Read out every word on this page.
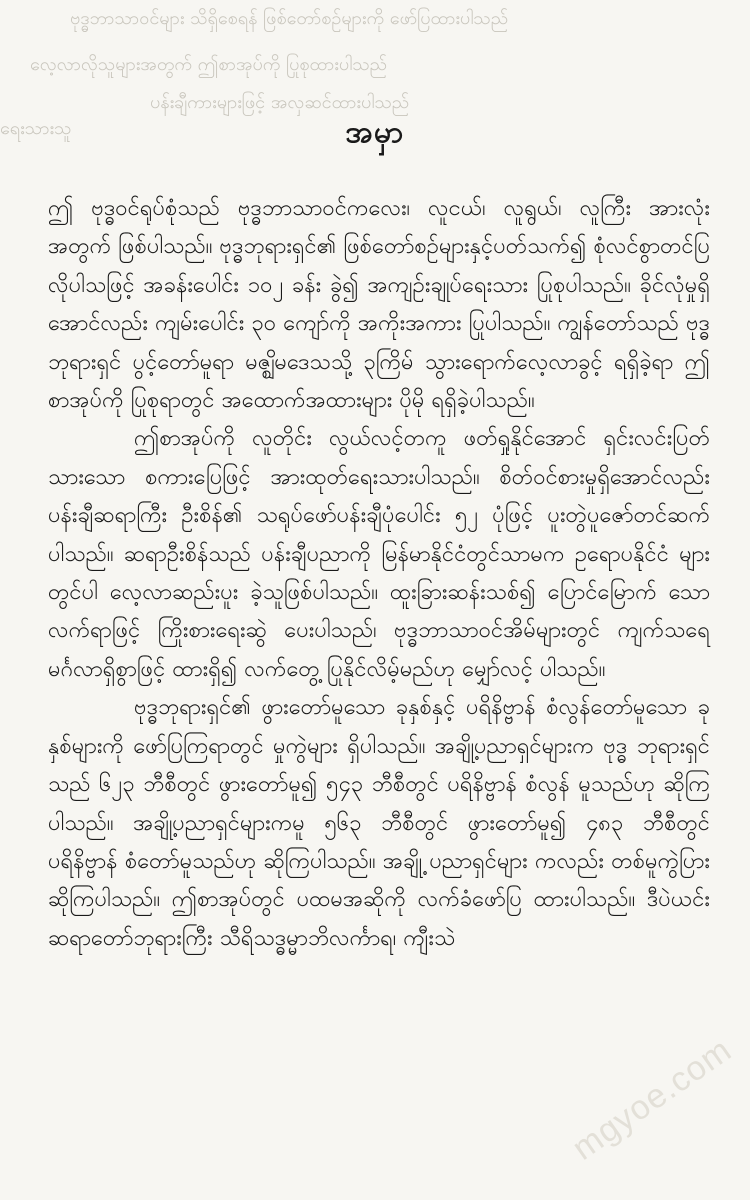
ဗုဒ္ဓဘာသာဝင်များ သိရှိစေရန် ဖြစ်တော်စဉ်များကို ဖော်ပြထားပါသည်
လေ့လာလိုသူများအတွက် ဤစာအုပ်ကို ပြုစုထားပါသည်
ပန်းချီကားများဖြင့် အလှဆင်ထားပါသည်
ရေးသားသူ	အမှာ

ဤ ဗုဒ္ဓဝင်ရုပ်စုံသည် ဗုဒ္ဓဘာသာဝင်ကလေး၊ လူငယ်၊ လူရွယ်၊ လူကြီး အားလုံး အတွက် ဖြစ်ပါသည်။ ဗုဒ္ဓဘုရားရှင်၏ ဖြစ်တော်စဉ်များနှင့်ပတ်သက်၍ စုံလင်စွာတင်ပြလိုပါသဖြင့် အခန်းပေါင်း ၁၀၂ ခန်း ခွဲ၍ အကျဉ်းချုပ်ရေးသား ပြုစုပါသည်။ ခိုင်လုံမှုရှိအောင်လည်း ကျမ်းပေါင်း ၃၀ ကျော်ကို အကိုးအကား ပြုပါသည်။ ကျွန်တော်သည် ဗုဒ္ဓဘုရားရှင် ပွင့်တော်မူရာ မဇ္ဈိမဒေသသို့ ၃ကြိမ် သွားရောက်လေ့လာခွင့် ရရှိခဲ့ရာ ဤစာအုပ်ကို ပြုစုရာတွင် အထောက်အထားများ ပိုမို ရရှိခဲ့ပါသည်။

ဤစာအုပ်ကို လူတိုင်း လွယ်လင့်တကူ ဖတ်ရှုနိုင်အောင် ရှင်းလင်းပြတ် သားသော စကားပြေဖြင့် အားထုတ်ရေးသားပါသည်။ စိတ်ဝင်စားမှုရှိအောင်လည်း ပန်းချီဆရာကြီး ဦးစိန်၏ သရုပ်ဖော်ပန်းချီပုံပေါင်း ၅၂ ပုံဖြင့် ပူးတွဲပူဇော်တင်ဆက် ပါသည်။ ဆရာဦးစိန်သည် ပန်းချီပညာကို မြန်မာနိုင်ငံတွင်သာမက ဥရောပနိုင်ငံ များတွင်ပါ လေ့လာဆည်းပူး ခဲ့သူဖြစ်ပါသည်။ ထူးခြားဆန်းသစ်၍ ပြောင်မြောက် သော လက်ရာဖြင့် ကြိုးစားရေးဆွဲ ပေးပါသည်၊ ဗုဒ္ဓဘာသာဝင်အိမ်များတွင် ကျက်သရေမင်္ဂလာရှိစွာဖြင့် ထားရှိ၍ လက်တွေ့ ပြုနိုင်လိမ့်မည်ဟု မျှော်လင့် ပါသည်။

ဗုဒ္ဓဘုရားရှင်၏ ဖွားတော်မူသော ခုနှစ်နှင့် ပရိနိဗ္ဗာန် စံလွန်တော်မူသော ခုနှစ်များကို ဖော်ပြကြရာတွင် မှုကွဲများ ရှိပါသည်။ အချို့ပညာရှင်များက ဗုဒ္ဓ ဘုရားရှင်သည် ၆၂၃ ဘီစီတွင် ဖွားတော်မူ၍ ၅၄၃ ဘီစီတွင် ပရိနိဗ္ဗာန် စံလွန် မူသည်ဟု ဆိုကြပါသည်။ အချို့ပညာရှင်များကမူ ၅၆၃ ဘီစီတွင် ဖွားတော်မူ၍ ၄၈၃ ဘီစီတွင် ပရိနိဗ္ဗာန် စံတော်မူသည်ဟု ဆိုကြပါသည်။ အချို့ ပညာရှင်များ ကလည်း တစ်မူကွဲပြား ဆိုကြပါသည်။ ဤစာအုပ်တွင် ပထမအဆိုကို လက်ခံဖော်ပြ ထားပါသည်။ ဒီပဲယင်းဆရာတော်ဘုရားကြီး သီရိသဒ္ဓမ္မာဘိလင်္ကာရ၊ ကျီးသဲ

mgyoe.com
